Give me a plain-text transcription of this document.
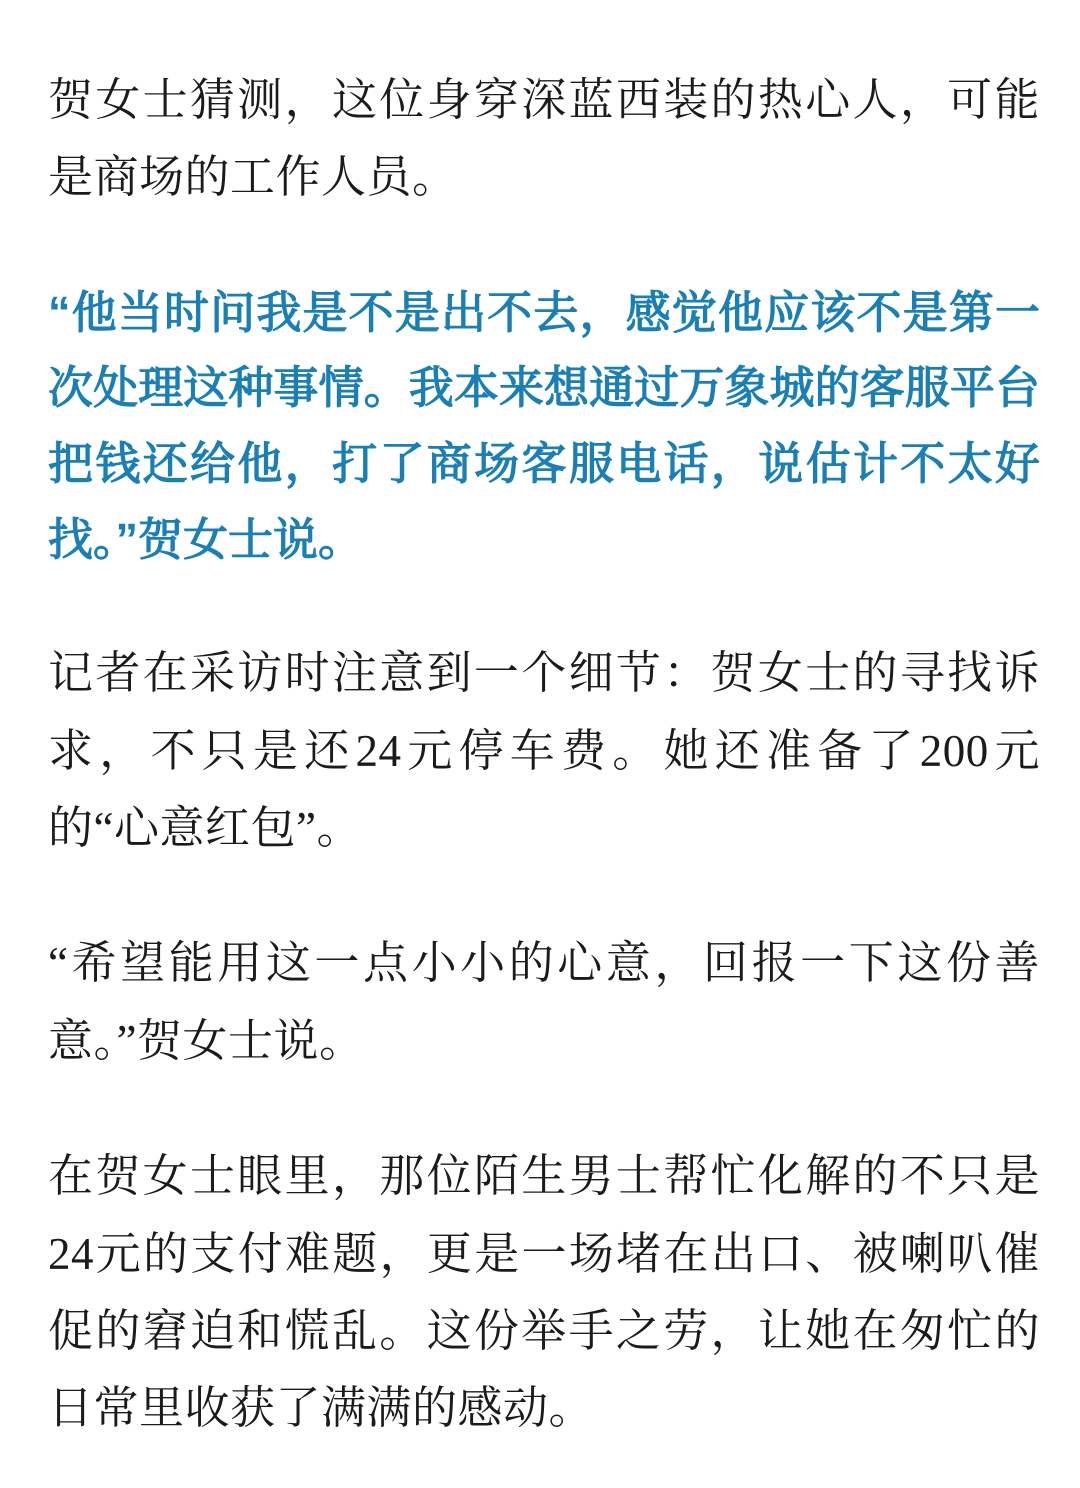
贺女士猜测，这位身穿深蓝西装的热心人，可能是商场的工作人员。

“他当时问我是不是出不去，感觉他应该不是第一次处理这种事情。我本来想通过万象城的客服平台把钱还给他，打了商场客服电话，说估计不太好找。”贺女士说。

记者在采访时注意到一个细节：贺女士的寻找诉求，不只是还24元停车费。她还准备了200元的“心意红包”。

“希望能用这一点小小的心意，回报一下这份善意。”贺女士说。

在贺女士眼里，那位陌生男士帮忙化解的不只是24元的支付难题，更是一场堵在出口、被喇叭催促的窘迫和慌乱。这份举手之劳，让她在匆忙的日常里收获了满满的感动。
